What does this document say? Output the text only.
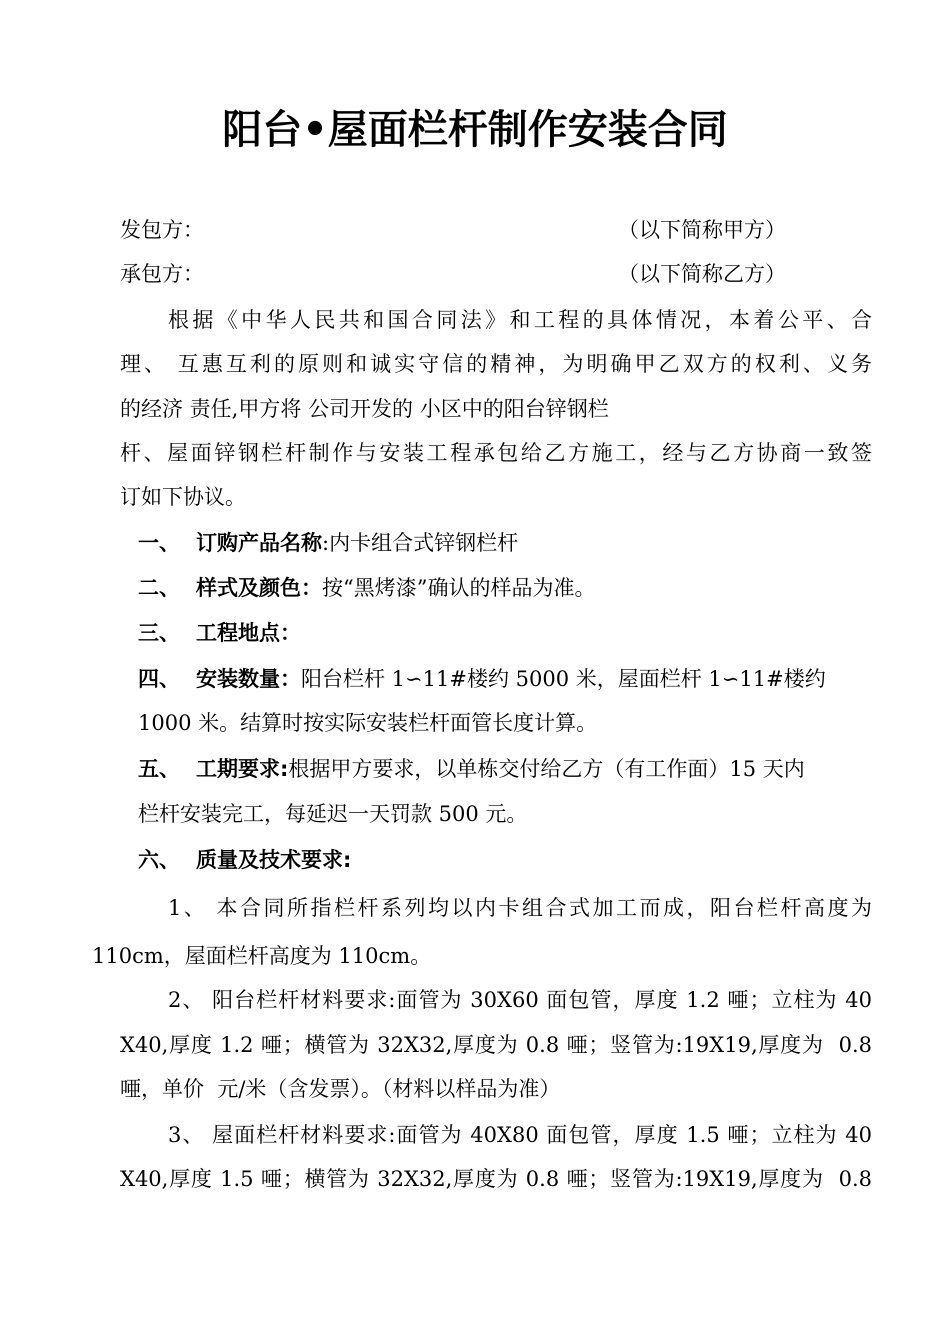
阳台•屋面栏杆制作安装合同
发包方：	（以下简称甲方）
承包方：	（以下简称乙方）
根据《中华人民共和国合同法》和工程的具体情况，本着公平、合
理、 互惠互利的原则和诚实守信的精神，为明确甲乙双方的权利、义务
的经济 责任,甲方将 公司开发的 小区中的阳台锌钢栏
杆、屋面锌钢栏杆制作与安装工程承包给乙方施工，经与乙方协商一致签
订如下协议。
一、 订购产品名称:内卡组合式锌钢栏杆
二、 样式及颜色：按“黑烤漆”确认的样品为准。
三、 工程地点：
四、 安装数量：阳台栏杆 1∽11#楼约 5000 米，屋面栏杆 1∽11#楼约
1000 米。结算时按实际安装栏杆面管长度计算。
五、 工期要求:根据甲方要求，以单栋交付给乙方（有工作面）15 天内
栏杆安装完工，每延迟一天罚款 500 元。
六、 质量及技术要求:
1、 本合同所指栏杆系列均以内卡组合式加工而成，阳台栏杆高度为
110cm，屋面栏杆高度为 110cm。
2、 阳台栏杆材料要求:面管为 30X60 面包管，厚度 1.2 唖；立柱为 40
X40,厚度 1.2 唖；横管为 32X32,厚度为 0.8 唖；竖管为:19X19,厚度为  0.8
唖，单价  元/米（含发票）。（材料以样品为准）
3、 屋面栏杆材料要求:面管为 40X80 面包管，厚度 1.5 唖；立柱为 40
X40,厚度 1.5 唖；横管为 32X32,厚度为 0.8 唖；竖管为:19X19,厚度为  0.8
